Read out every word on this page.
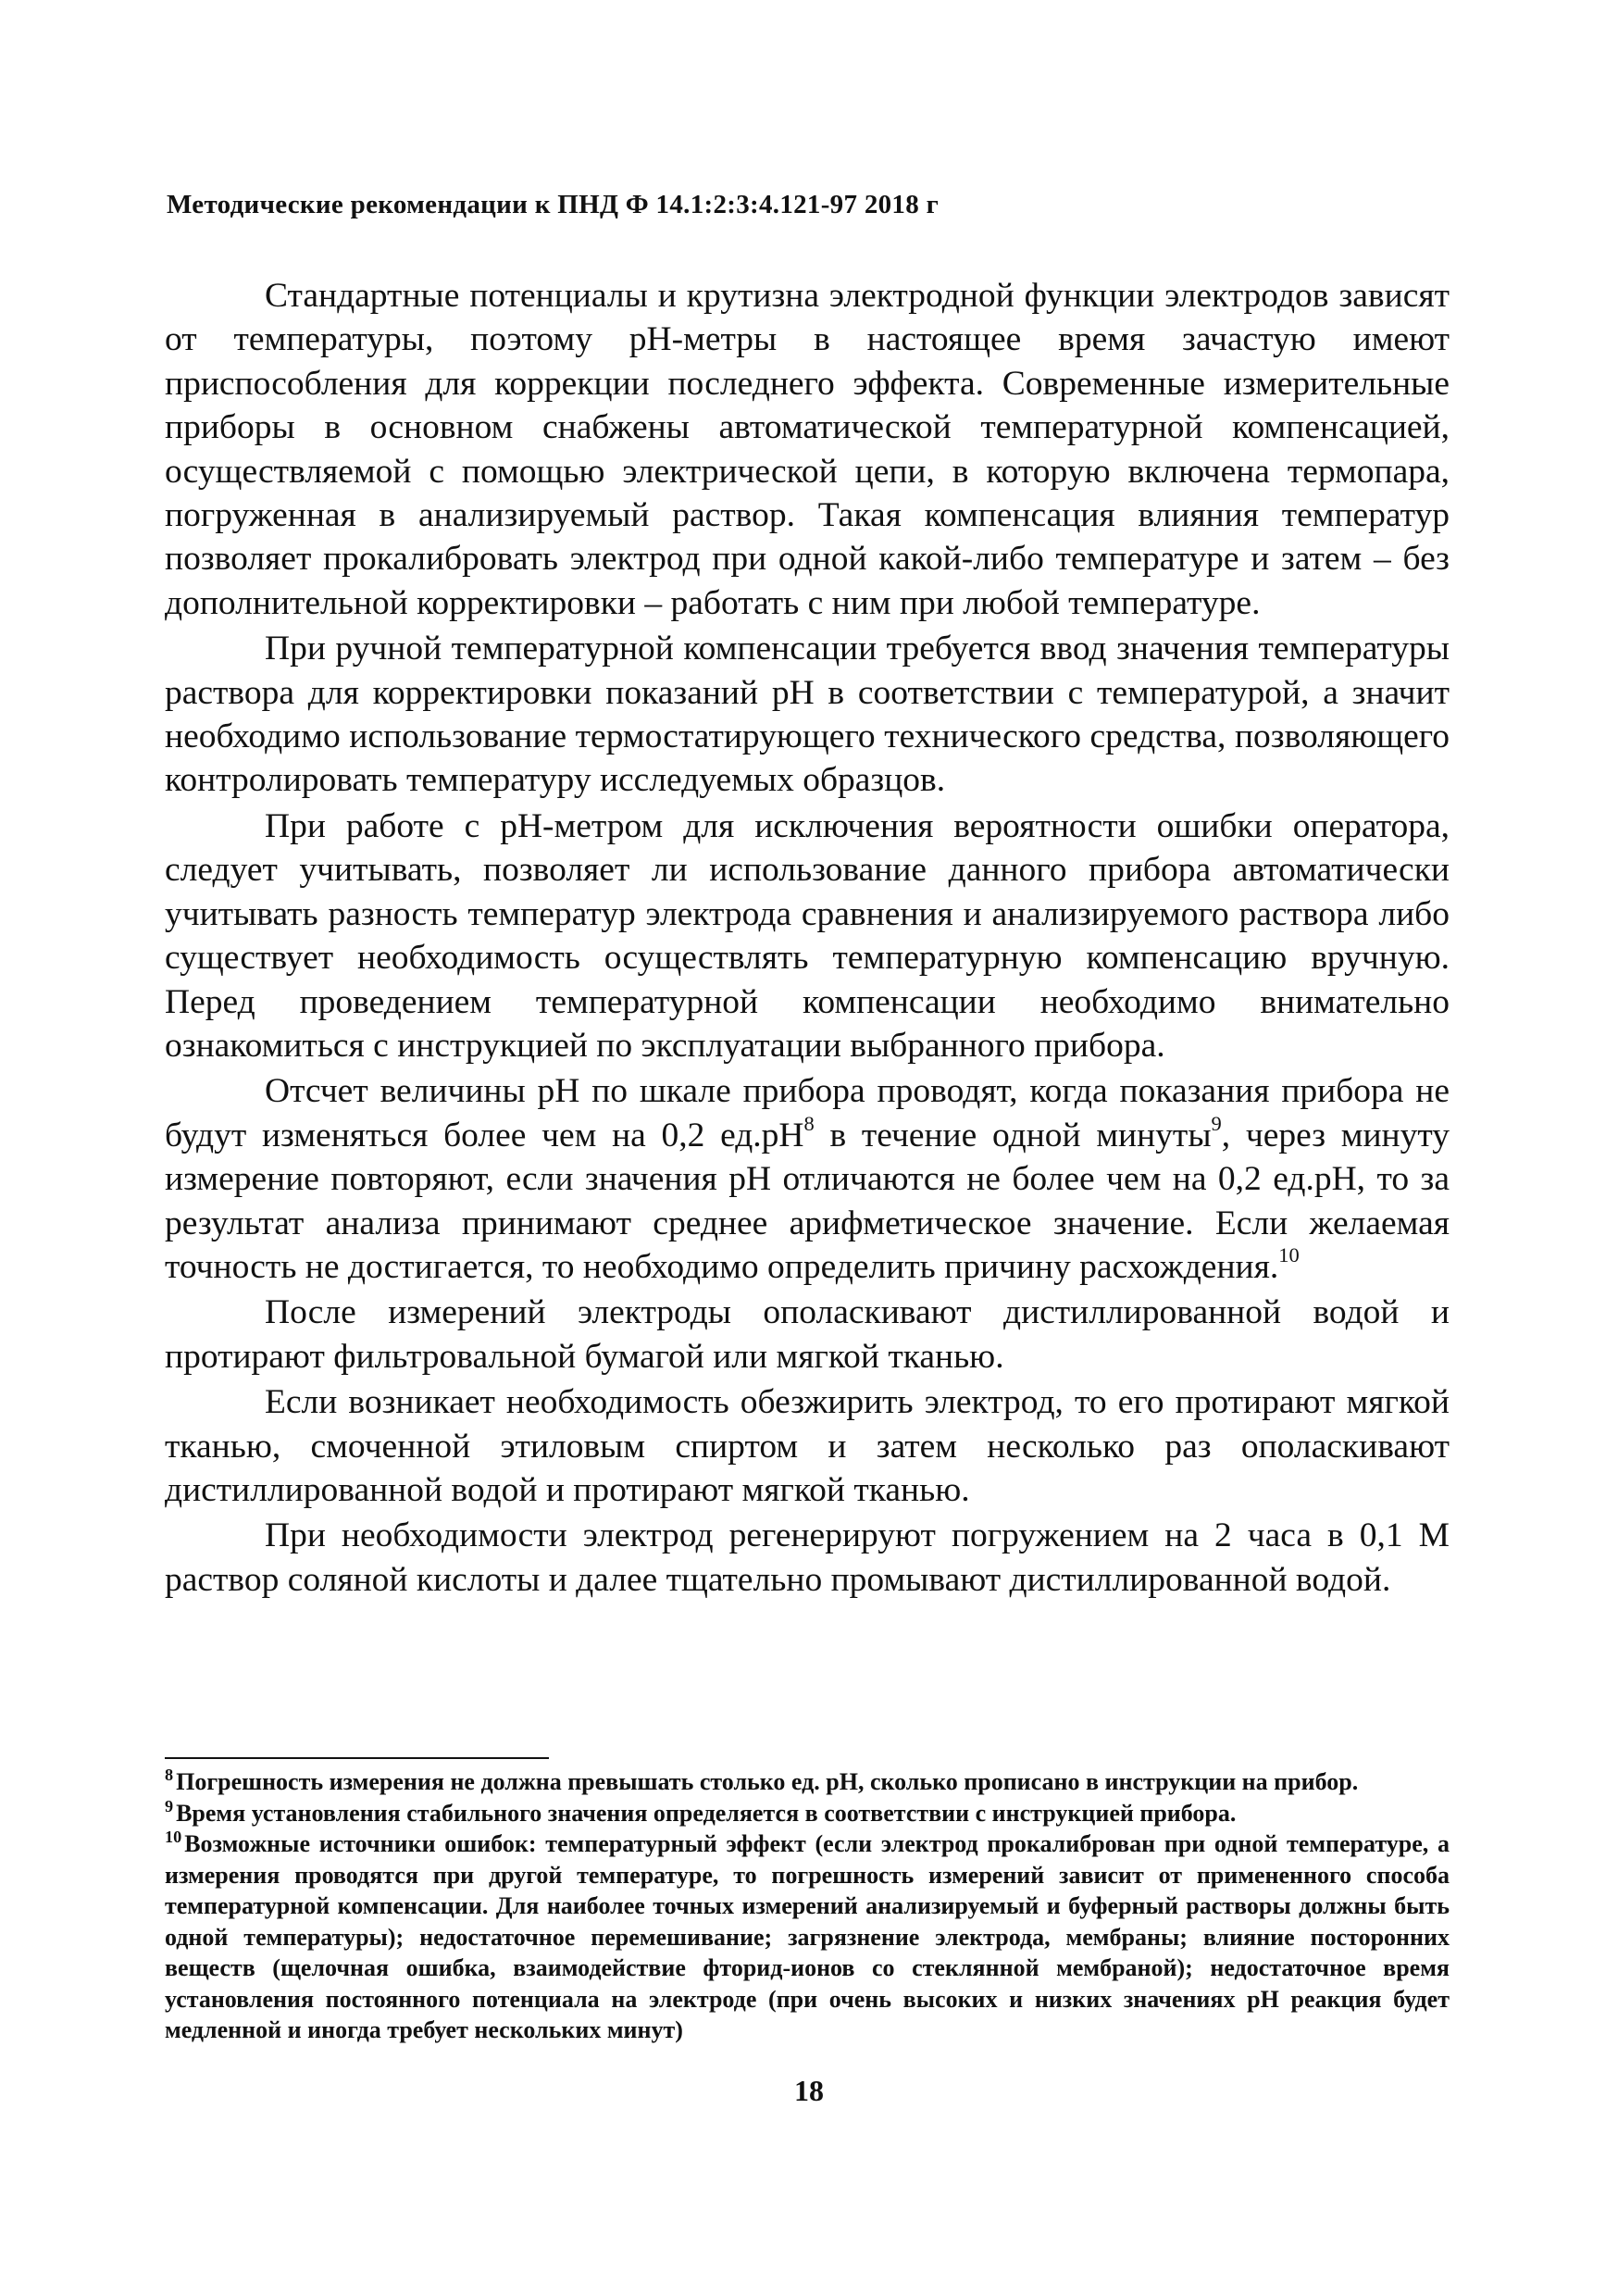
Методические рекомендации к ПНД Ф 14.1:2:3:4.121-97 2018 г

Стандартные потенциалы и крутизна электродной функции электродов зависят от температуры, поэтому рН-метры в настоящее время зачастую имеют приспособления для коррекции последнего эффекта. Современные измерительные приборы в основном снабжены автоматической температурной компенсацией, осуществляемой с помощью электрической цепи, в которую включена термопара, погруженная в анализируемый раствор. Такая компенсация влияния температур позволяет прокалибровать электрод при одной какой-либо температуре и затем – без дополнительной корректировки – работать с ним при любой температуре.

При ручной температурной компенсации требуется ввод значения температуры раствора для корректировки показаний рН в соответствии с температурой, а значит необходимо использование термостатирующего технического средства, позволяющего контролировать температуру исследуемых образцов.

При работе с рН-метром для исключения вероятности ошибки оператора, следует учитывать, позволяет ли использование данного прибора автоматически учитывать разность температур электрода сравнения и анализируемого раствора либо существует необходимость осуществлять температурную компенсацию вручную. Перед проведением температурной компенсации необходимо внимательно ознакомиться с инструкцией по эксплуатации выбранного прибора.

Отсчет величины рН по шкале прибора проводят, когда показания прибора не будут изменяться более чем на 0,2 $ед.рН^8$ в течение одной минуты$^9$, через минуту измерение повторяют, если значения рН отличаются не более чем на 0,2 ед.рН, то за результат анализа принимают среднее арифметическое значение. Если желаемая точность не достигается, то необходимо определить причину расхождения.$^{10}$

После измерений электроды ополаскивают дистиллированной водой и протирают фильтровальной бумагой или мягкой тканью.

Если возникает необходимость обезжирить электрод, то его протирают мягкой тканью, смоченной этиловым спиртом и затем несколько раз ополаскивают дистиллированной водой и протирают мягкой тканью.

При необходимости электрод регенерируют погружением на 2 часа в 0,1 М раствор соляной кислоты и далее тщательно промывают дистиллированной водой.

$^8$ Погрешность измерения не должна превышать столько ед. рН, сколько прописано в инструкции на прибор.

$^9$ Время установления стабильного значения определяется в соответствии с инструкцией прибора.

$^{10}$ Возможные источники ошибок: температурный эффект (если электрод прокалиброван при одной температуре, а измерения проводятся при другой температуре, то погрешность измерений зависит от примененного способа температурной компенсации. Для наиболее точных измерений анализируемый и буферный растворы должны быть одной температуры); недостаточное перемешивание; загрязнение электрода, мембраны; влияние посторонних веществ (щелочная ошибка, взаимодействие фторид-ионов со стеклянной мембраной); недостаточное время установления постоянного потенциала на электроде (при очень высоких и низких значениях рН реакция будет медленной и иногда требует нескольких минут)

18
